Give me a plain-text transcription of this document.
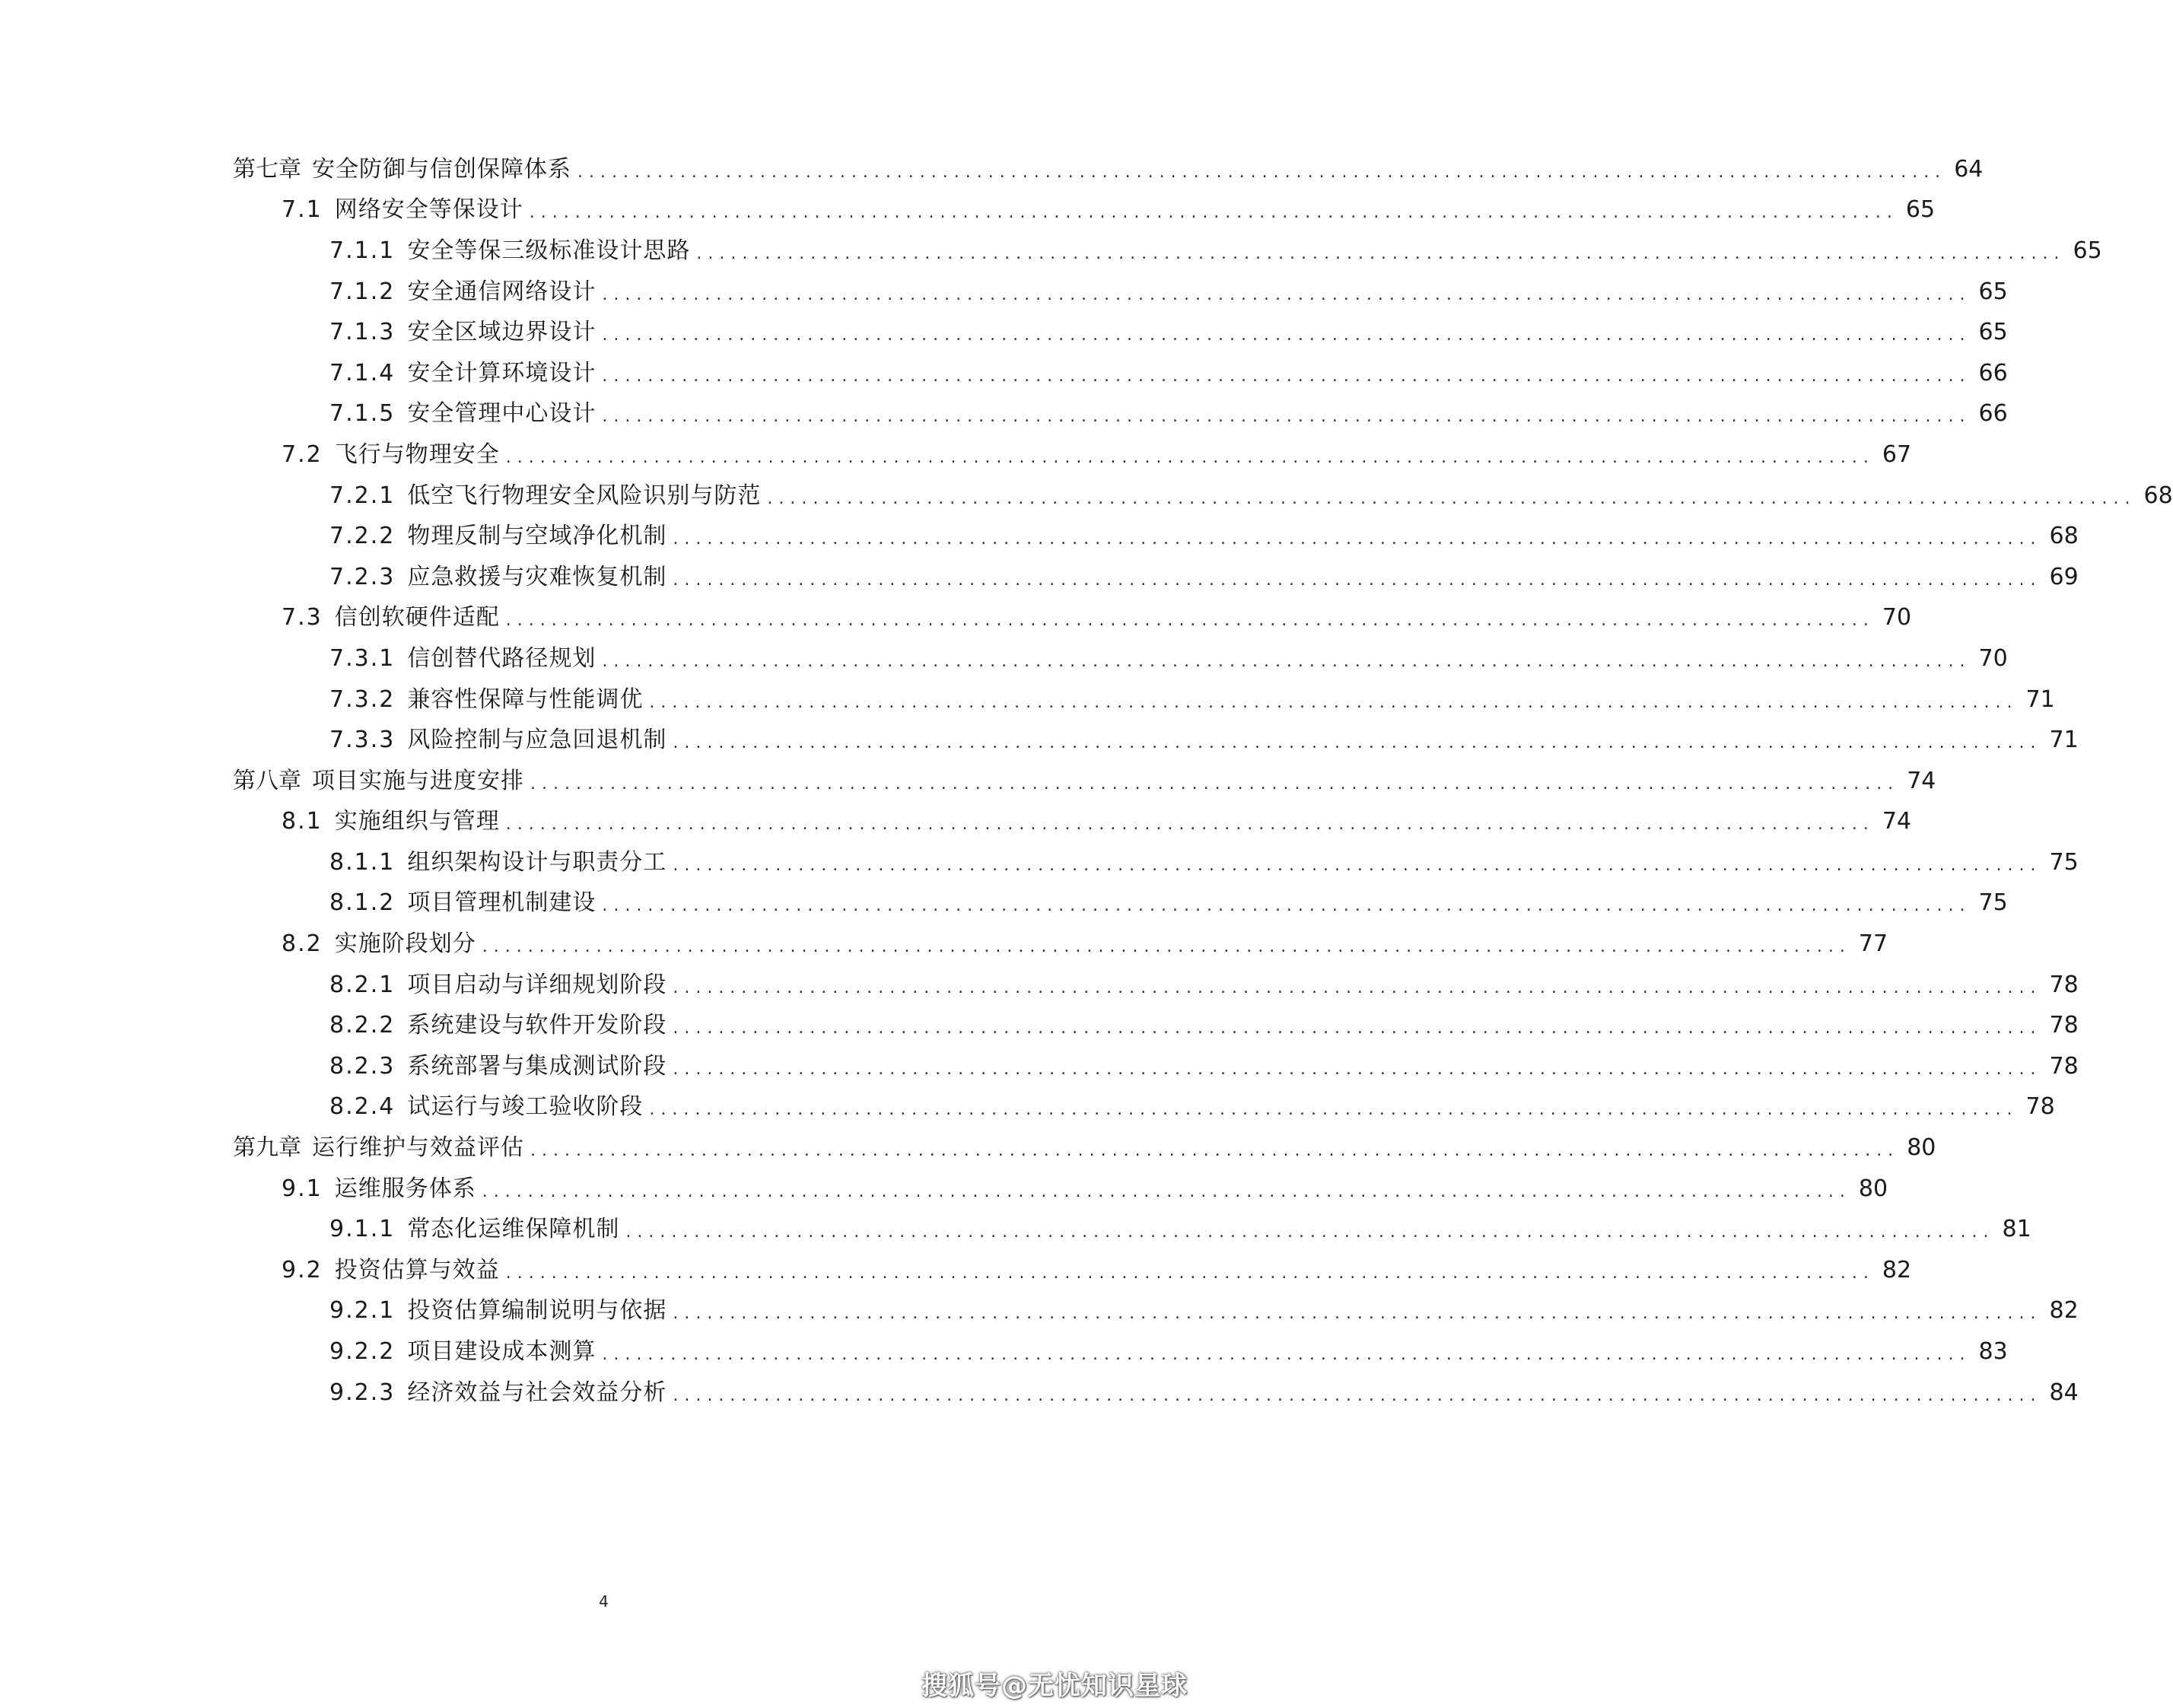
第七章 安全防御与信创保障体系 ........................................................................................................................ 64
7.1 网络安全等保设计 ........................................................................................................................ 65
7.1.1 安全等保三级标准设计思路 ........................................................................................................................ 65
7.1.2 安全通信网络设计 ........................................................................................................................ 65
7.1.3 安全区域边界设计 ........................................................................................................................ 65
7.1.4 安全计算环境设计 ........................................................................................................................ 66
7.1.5 安全管理中心设计 ........................................................................................................................ 66
7.2 飞行与物理安全 ........................................................................................................................ 67
7.2.1 低空飞行物理安全风险识别与防范 ........................................................................................................................ 68
7.2.2 物理反制与空域净化机制 ........................................................................................................................ 68
7.2.3 应急救援与灾难恢复机制 ........................................................................................................................ 69
7.3 信创软硬件适配 ........................................................................................................................ 70
7.3.1 信创替代路径规划 ........................................................................................................................ 70
7.3.2 兼容性保障与性能调优 ........................................................................................................................ 71
7.3.3 风险控制与应急回退机制 ........................................................................................................................ 71
第八章 项目实施与进度安排 ........................................................................................................................ 74
8.1 实施组织与管理 ........................................................................................................................ 74
8.1.1 组织架构设计与职责分工 ........................................................................................................................ 75
8.1.2 项目管理机制建设 ........................................................................................................................ 75
8.2 实施阶段划分 ........................................................................................................................ 77
8.2.1 项目启动与详细规划阶段 ........................................................................................................................ 78
8.2.2 系统建设与软件开发阶段 ........................................................................................................................ 78
8.2.3 系统部署与集成测试阶段 ........................................................................................................................ 78
8.2.4 试运行与竣工验收阶段 ........................................................................................................................ 78
第九章 运行维护与效益评估 ........................................................................................................................ 80
9.1 运维服务体系 ........................................................................................................................ 80
9.1.1 常态化运维保障机制 ........................................................................................................................ 81
9.2 投资估算与效益 ........................................................................................................................ 82
9.2.1 投资估算编制说明与依据 ........................................................................................................................ 82
9.2.2 项目建设成本测算 ........................................................................................................................ 83
9.2.3 经济效益与社会效益分析 ........................................................................................................................ 84
4
搜狐号@无忧知识星球
